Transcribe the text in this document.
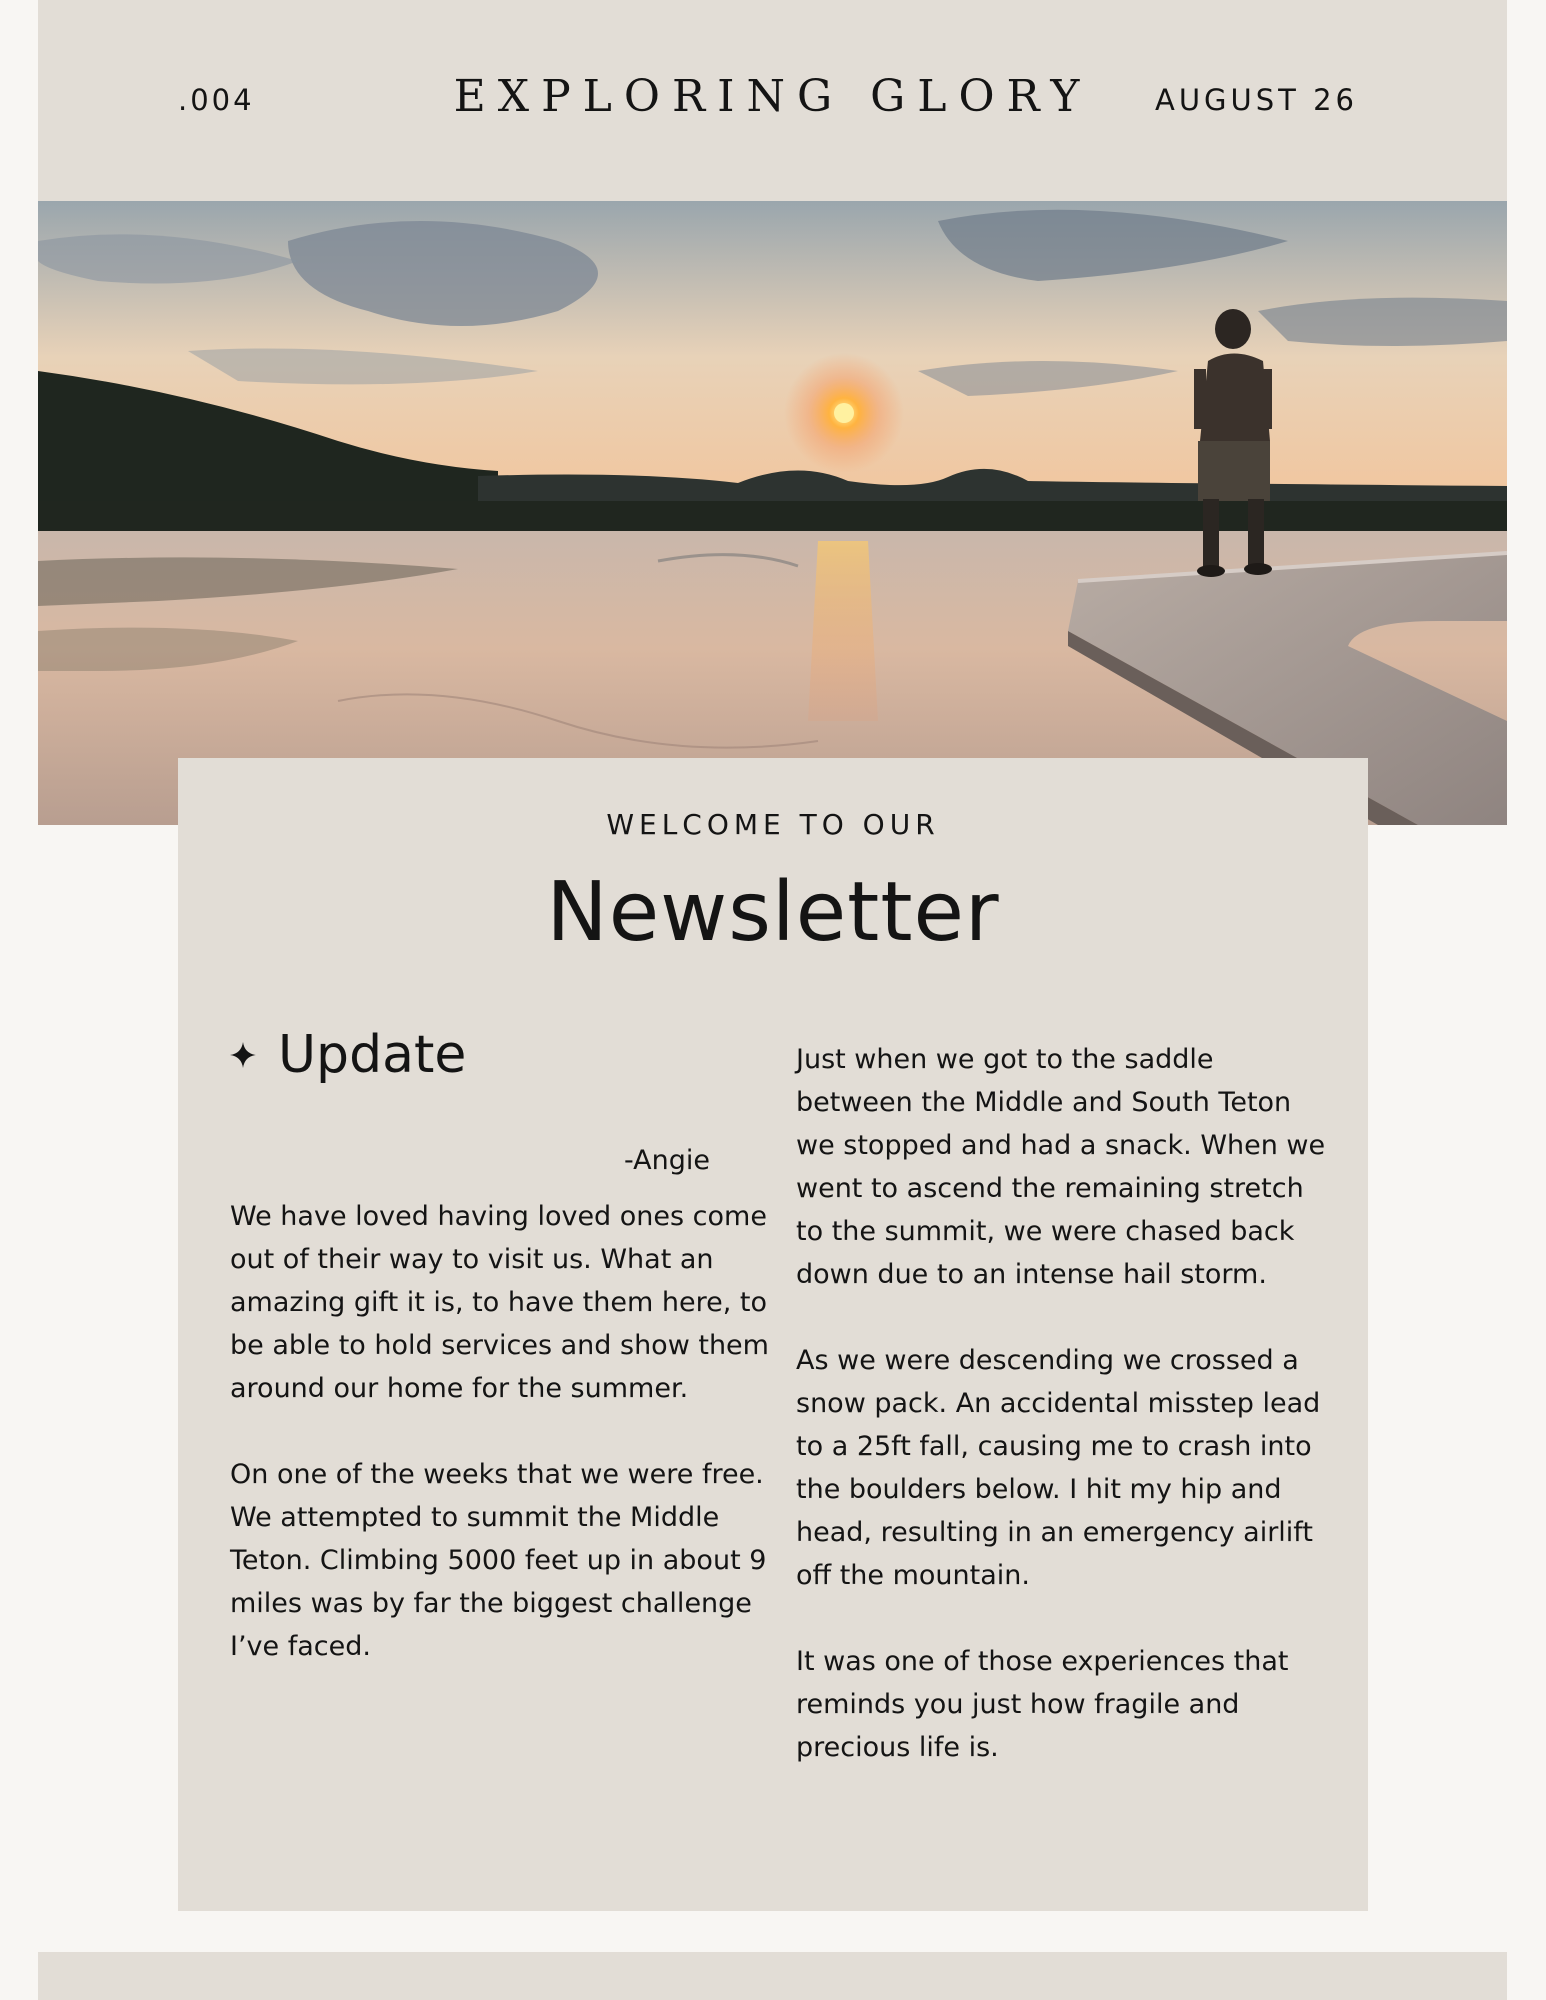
.004	EXPLORING GLORY	AUGUST 26

WELCOME TO OUR

Newsletter
Update

-Angie

We have loved having loved ones come out of their way to visit us. What an amazing gift it is, to have them here, to be able to hold services and show them around our home for the summer.

On one of the weeks that we were free. We attempted to summit the Middle Teton. Climbing 5000 feet up in about 9 miles was by far the biggest challenge I’ve faced.

Just when we got to the saddle between the Middle and South Teton we stopped and had a snack. When we went to ascend the remaining stretch to the summit, we were chased back down due to an intense hail storm.

As we were descending we crossed a snow pack. An accidental misstep lead to a 25ft fall, causing me to crash into the boulders below. I hit my hip and head, resulting in an emergency airlift off the mountain.

It was one of those experiences that reminds you just how fragile and precious life is.
